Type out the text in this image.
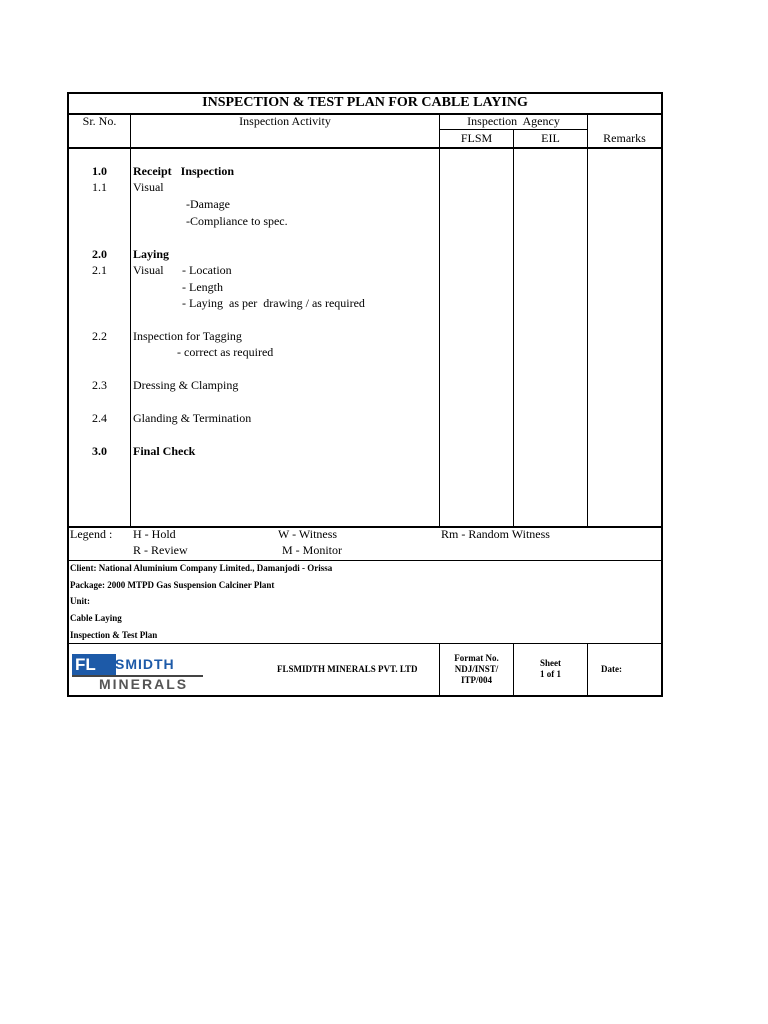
INSPECTION & TEST PLAN FOR CABLE LAYING
Sr. No.	Inspection Activity	Inspection  Agency
FLSM	EIL	Remarks
1.0	Receipt   Inspection
1.1	Visual
-Damage
-Compliance to spec.
2.0	Laying
2.1	Visual - Location
- Length
- Laying  as per  drawing / as required
2.2	Inspection for Tagging
- correct as required
2.3	Dressing & Clamping
2.4	Glanding & Termination
3.0	Final Check
Legend : H - Hold	W - Witness	Rm - Random Witness
R - Review	M - Monitor
Client: National Aluminium Company Limited., Damanjodi - Orissa
Package: 2000 MTPD Gas Suspension Calciner Plant
Unit:
Cable Laying
Inspection & Test Plan
FL SMIDTH
MINERALS
FLSMIDTH MINERALS PVT. LTD
Format No.
NDJ/INST/
ITP/004
Sheet
1 of 1	Date:
